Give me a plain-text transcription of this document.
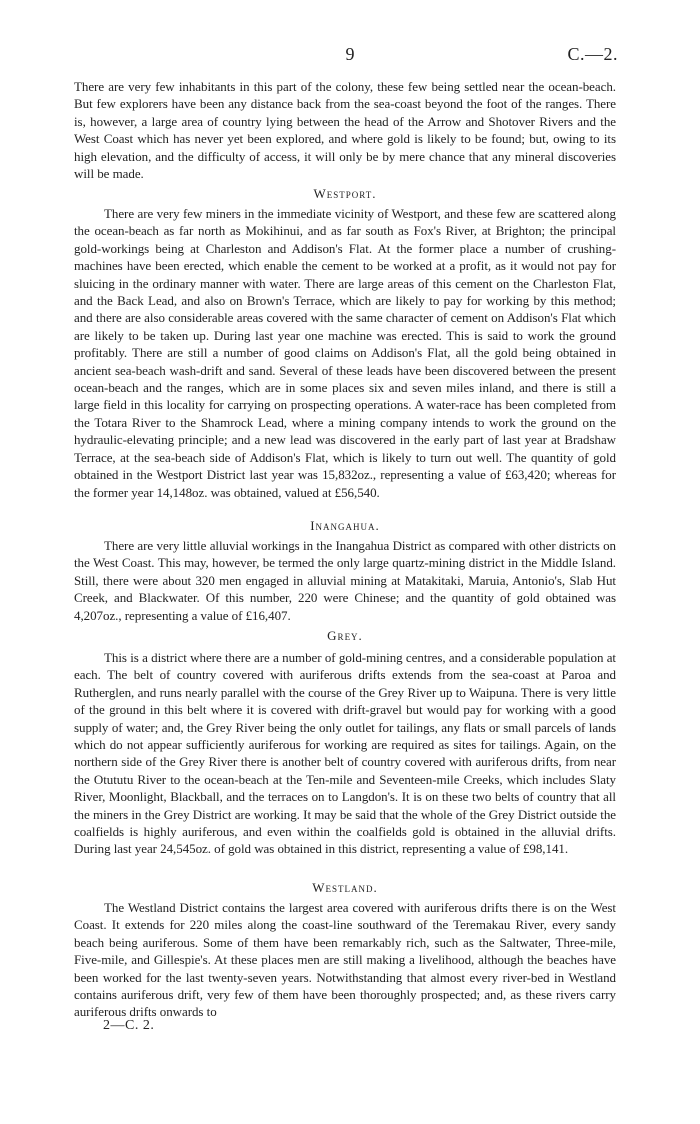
9	C.—2.

There are very few inhabitants in this part of the colony, these few being settled near the ocean-beach. But few explorers have been any distance back from the sea-coast beyond the foot of the ranges. There is, however, a large area of country lying between the head of the Arrow and Shotover Rivers and the West Coast which has never yet been explored, and where gold is likely to be found; but, owing to its high elevation, and the difficulty of access, it will only be by mere chance that any mineral discoveries will be made.

Westport.

There are very few miners in the immediate vicinity of Westport, and these few are scattered along the ocean-beach as far north as Mokihinui, and as far south as Fox's River, at Brighton; the principal gold-workings being at Charleston and Addison's Flat. At the former place a number of crushing-machines have been erected, which enable the cement to be worked at a profit, as it would not pay for sluicing in the ordinary manner with water. There are large areas of this cement on the Charleston Flat, and the Back Lead, and also on Brown's Terrace, which are likely to pay for working by this method; and there are also considerable areas covered with the same character of cement on Addison's Flat which are likely to be taken up. During last year one machine was erected. This is said to work the ground profitably. There are still a number of good claims on Addison's Flat, all the gold being obtained in ancient sea-beach wash-drift and sand. Several of these leads have been discovered between the present ocean-beach and the ranges, which are in some places six and seven miles inland, and there is still a large field in this locality for carrying on prospecting operations. A water-race has been completed from the Totara River to the Shamrock Lead, where a mining company intends to work the ground on the hydraulic-elevating principle; and a new lead was discovered in the early part of last year at Bradshaw Terrace, at the sea-beach side of Addison's Flat, which is likely to turn out well. The quantity of gold obtained in the Westport District last year was 15,832oz., representing a value of £63,420; whereas for the former year 14,148oz. was obtained, valued at £56,540.

Inangahua.

There are very little alluvial workings in the Inangahua District as compared with other districts on the West Coast. This may, however, be termed the only large quartz-mining district in the Middle Island. Still, there were about 320 men engaged in alluvial mining at Matakitaki, Maruia, Antonio's, Slab Hut Creek, and Blackwater. Of this number, 220 were Chinese; and the quantity of gold obtained was 4,207oz., representing a value of £16,407.

Grey.

This is a district where there are a number of gold-mining centres, and a considerable population at each. The belt of country covered with auriferous drifts extends from the sea-coast at Paroa and Rutherglen, and runs nearly parallel with the course of the Grey River up to Waipuna. There is very little of the ground in this belt where it is covered with drift-gravel but would pay for working with a good supply of water; and, the Grey River being the only outlet for tailings, any flats or small parcels of lands which do not appear sufficiently auriferous for working are required as sites for tailings. Again, on the northern side of the Grey River there is another belt of country covered with auriferous drifts, from near the Otututu River to the ocean-beach at the Ten-mile and Seventeen-mile Creeks, which includes Slaty River, Moonlight, Blackball, and the terraces on to Langdon's. It is on these two belts of country that all the miners in the Grey District are working. It may be said that the whole of the Grey District outside the coalfields is highly auriferous, and even within the coalfields gold is obtained in the alluvial drifts. During last year 24,545oz. of gold was obtained in this district, representing a value of £98,141.

Westland.

The Westland District contains the largest area covered with auriferous drifts there is on the West Coast. It extends for 220 miles along the coast-line southward of the Teremakau River, every sandy beach being auriferous. Some of them have been remarkably rich, such as the Saltwater, Three-mile, Five-mile, and Gillespie's. At these places men are still making a livelihood, although the beaches have been worked for the last twenty-seven years. Notwithstanding that almost every river-bed in Westland contains auriferous drift, very few of them have been thoroughly prospected; and, as these rivers carry auriferous drifts onwards to

2—C. 2.
